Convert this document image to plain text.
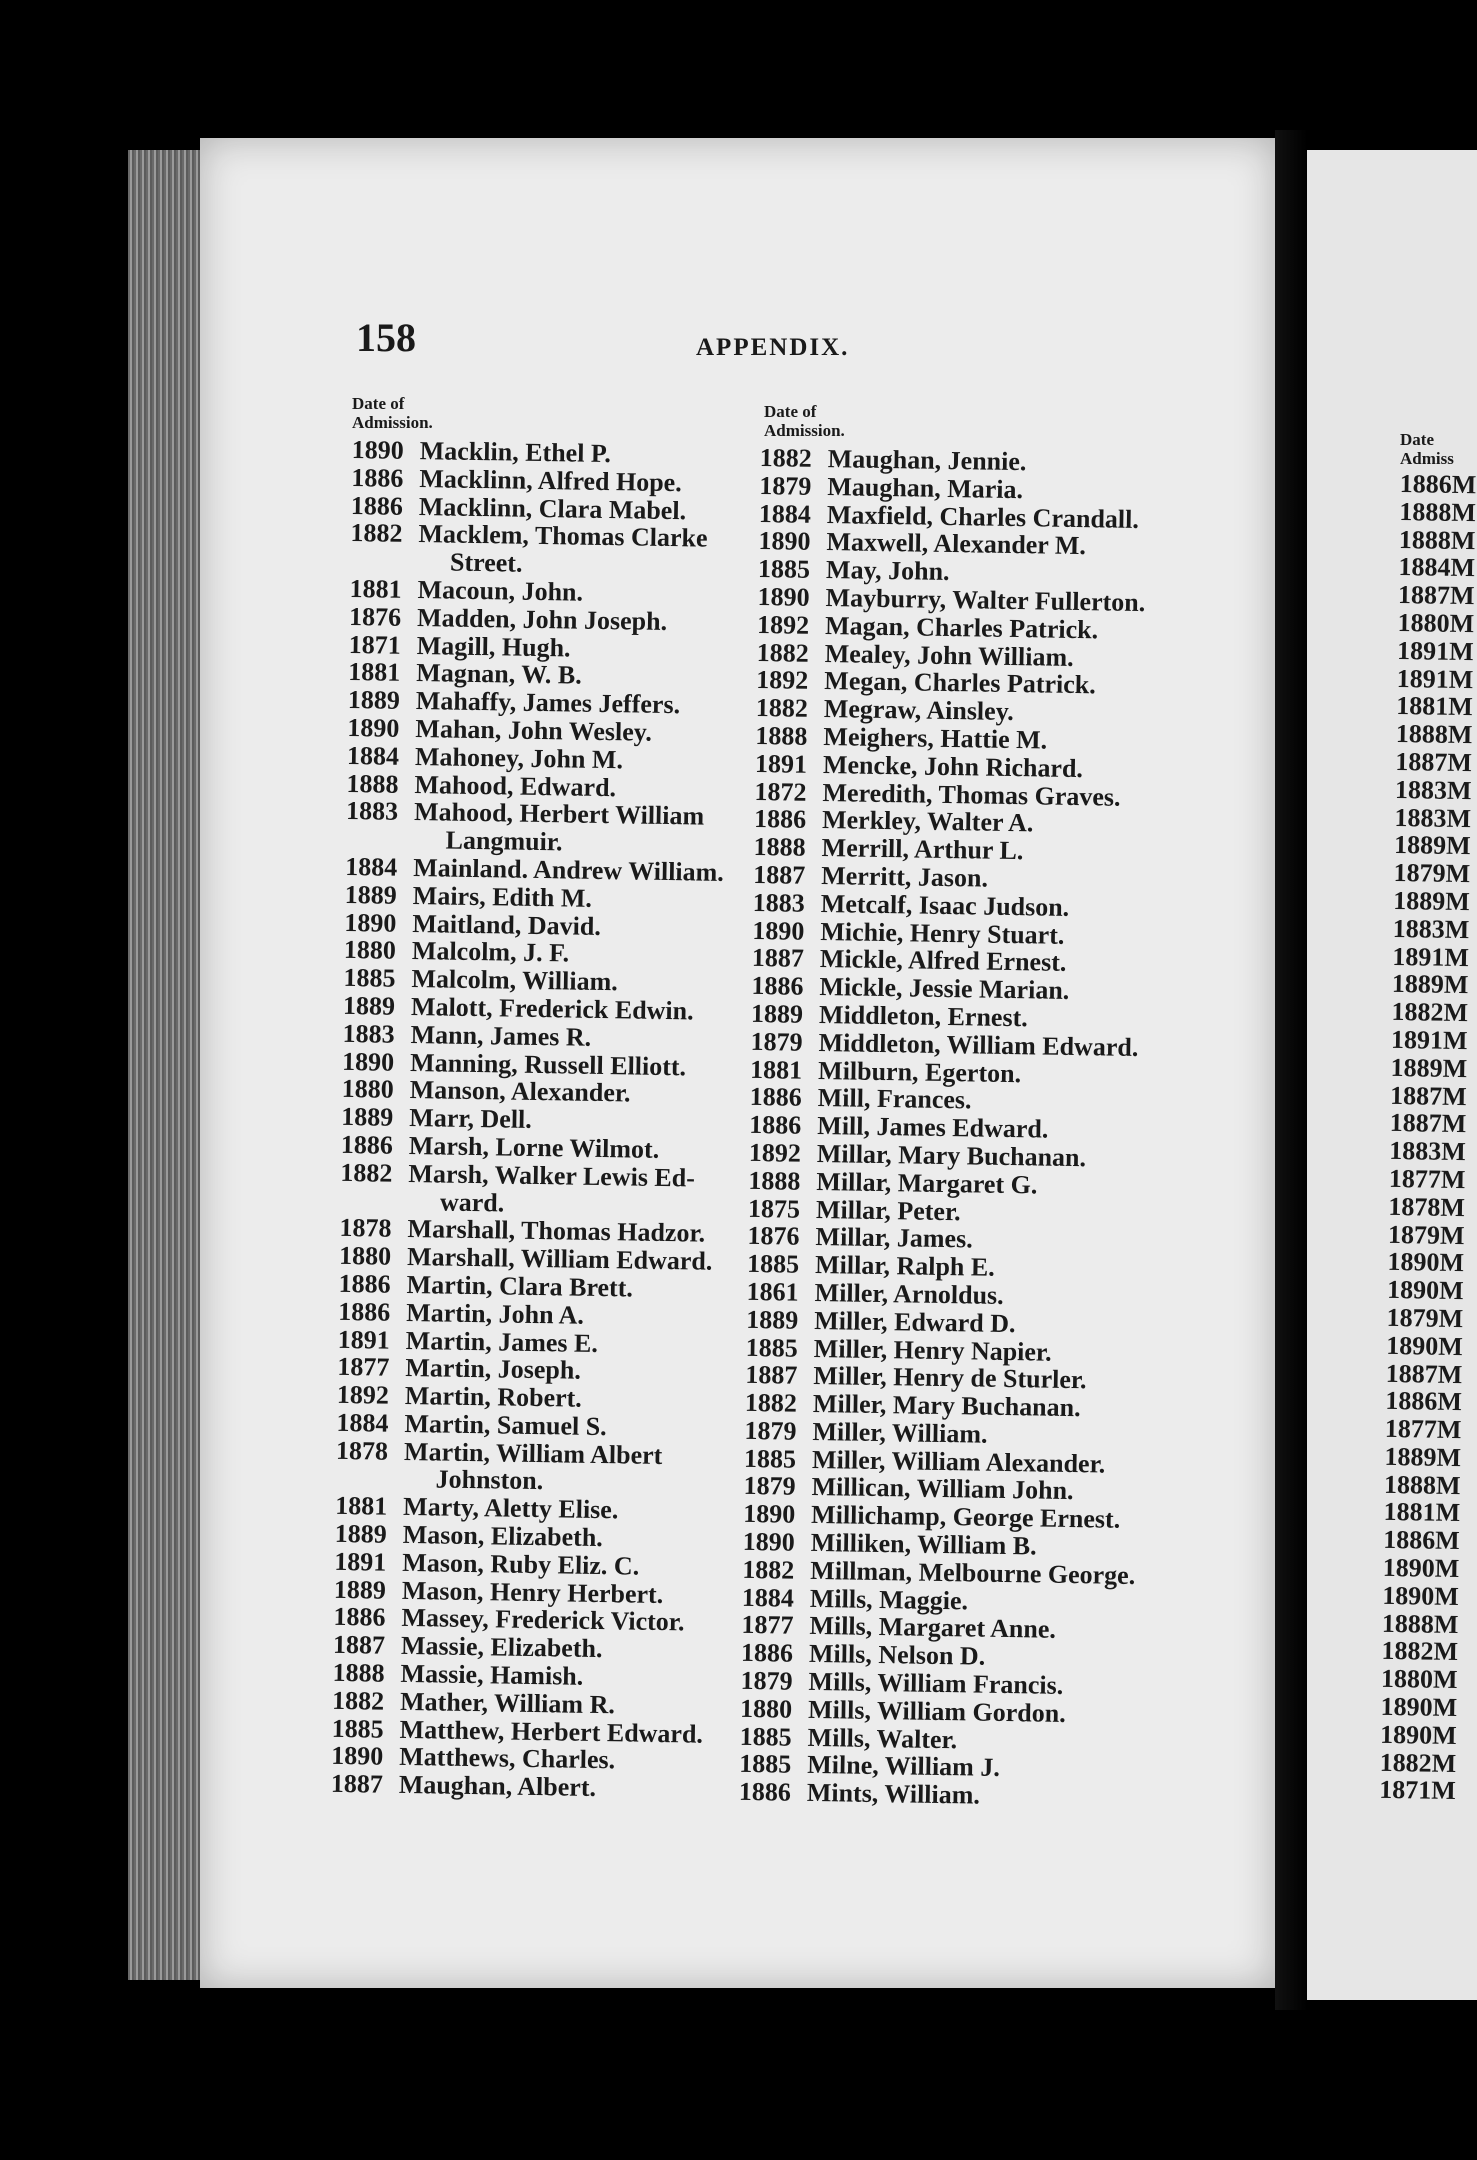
158	APPENDIX.
Date of Admission.
Date of Admission.	Date Admiss
1890 Macklin, Ethel P.
1886 Macklinn, Alfred Hope.
1886 Macklinn, Clara Mabel.
1882 Macklem, Thomas Clarke
Street.
1881 Macoun, John.
1876 Madden, John Joseph.
1871 Magill, Hugh.
1881 Magnan, W. B.
1889 Mahaffy, James Jeffers.
1890 Mahan, John Wesley.
1884 Mahoney, John M.
1888 Mahood, Edward.
1883 Mahood, Herbert William
Langmuir.
1884 Mainland. Andrew William.
1889 Mairs, Edith M.
1890 Maitland, David.
1880 Malcolm, J. F.
1885 Malcolm, William.
1889 Malott, Frederick Edwin.
1883 Mann, James R.
1890 Manning, Russell Elliott.
1880 Manson, Alexander.
1889 Marr, Dell.
1886 Marsh, Lorne Wilmot.
1882 Marsh, Walker Lewis Ed-
ward.
1878 Marshall, Thomas Hadzor.
1880 Marshall, William Edward.
1886 Martin, Clara Brett.
1886 Martin, John A.
1891 Martin, James E.
1877 Martin, Joseph.
1892 Martin, Robert.
1884 Martin, Samuel S.
1878 Martin, William Albert
Johnston.
1881 Marty, Aletty Elise.
1889 Mason, Elizabeth.
1891 Mason, Ruby Eliz. C.
1889 Mason, Henry Herbert.
1886 Massey, Frederick Victor.
1887 Massie, Elizabeth.
1888 Massie, Hamish.
1882 Mather, William R.
1885 Matthew, Herbert Edward.
1890 Matthews, Charles.
1887 Maughan, Albert.
1882 Maughan, Jennie.
1879 Maughan, Maria.
1884 Maxfield, Charles Crandall.
1890 Maxwell, Alexander M.
1885 May, John.
1890 Mayburry, Walter Fullerton.
1892 Magan, Charles Patrick.
1882 Mealey, John William.
1892 Megan, Charles Patrick.
1882 Megraw, Ainsley.
1888 Meighers, Hattie M.
1891 Mencke, John Richard.
1872 Meredith, Thomas Graves.
1886 Merkley, Walter A.
1888 Merrill, Arthur L.
1887 Merritt, Jason.
1883 Metcalf, Isaac Judson.
1890 Michie, Henry Stuart.
1887 Mickle, Alfred Ernest.
1886 Mickle, Jessie Marian.
1889 Middleton, Ernest.
1879 Middleton, William Edward.
1881 Milburn, Egerton.
1886 Mill, Frances.
1886 Mill, James Edward.
1892 Millar, Mary Buchanan.
1888 Millar, Margaret G.
1875 Millar, Peter.
1876 Millar, James.
1885 Millar, Ralph E.
1861 Miller, Arnoldus.
1889 Miller, Edward D.
1885 Miller, Henry Napier.
1887 Miller, Henry de Sturler.
1882 Miller, Mary Buchanan.
1879 Miller, William.
1885 Miller, William Alexander.
1879 Millican, William John.
1890 Millichamp, George Ernest.
1890 Milliken, William B.
1882 Millman, Melbourne George.
1884 Mills, Maggie.
1877 Mills, Margaret Anne.
1886 Mills, Nelson D.
1879 Mills, William Francis.
1880 Mills, William Gordon.
1885 Mills, Walter.
1885 Milne, William J.
1886 Mints, William.
1886M
1888M
1888M
1884M
1887M
1880M
1891M
1891M
1881M
1888M
1887M
1883M
1883M
1889M
1879M
1889M
1883M
1891M
1889M
1882M
1891M
1889M
1887M
1887M
1883M
1877M
1878M
1879M
1890M
1890M
1879M
1890M
1887M
1886M
1877M
1889M
1888M
1881M
1886M
1890M
1890M
1888M
1882M
1880M
1890M
1890M
1882M
1871M
